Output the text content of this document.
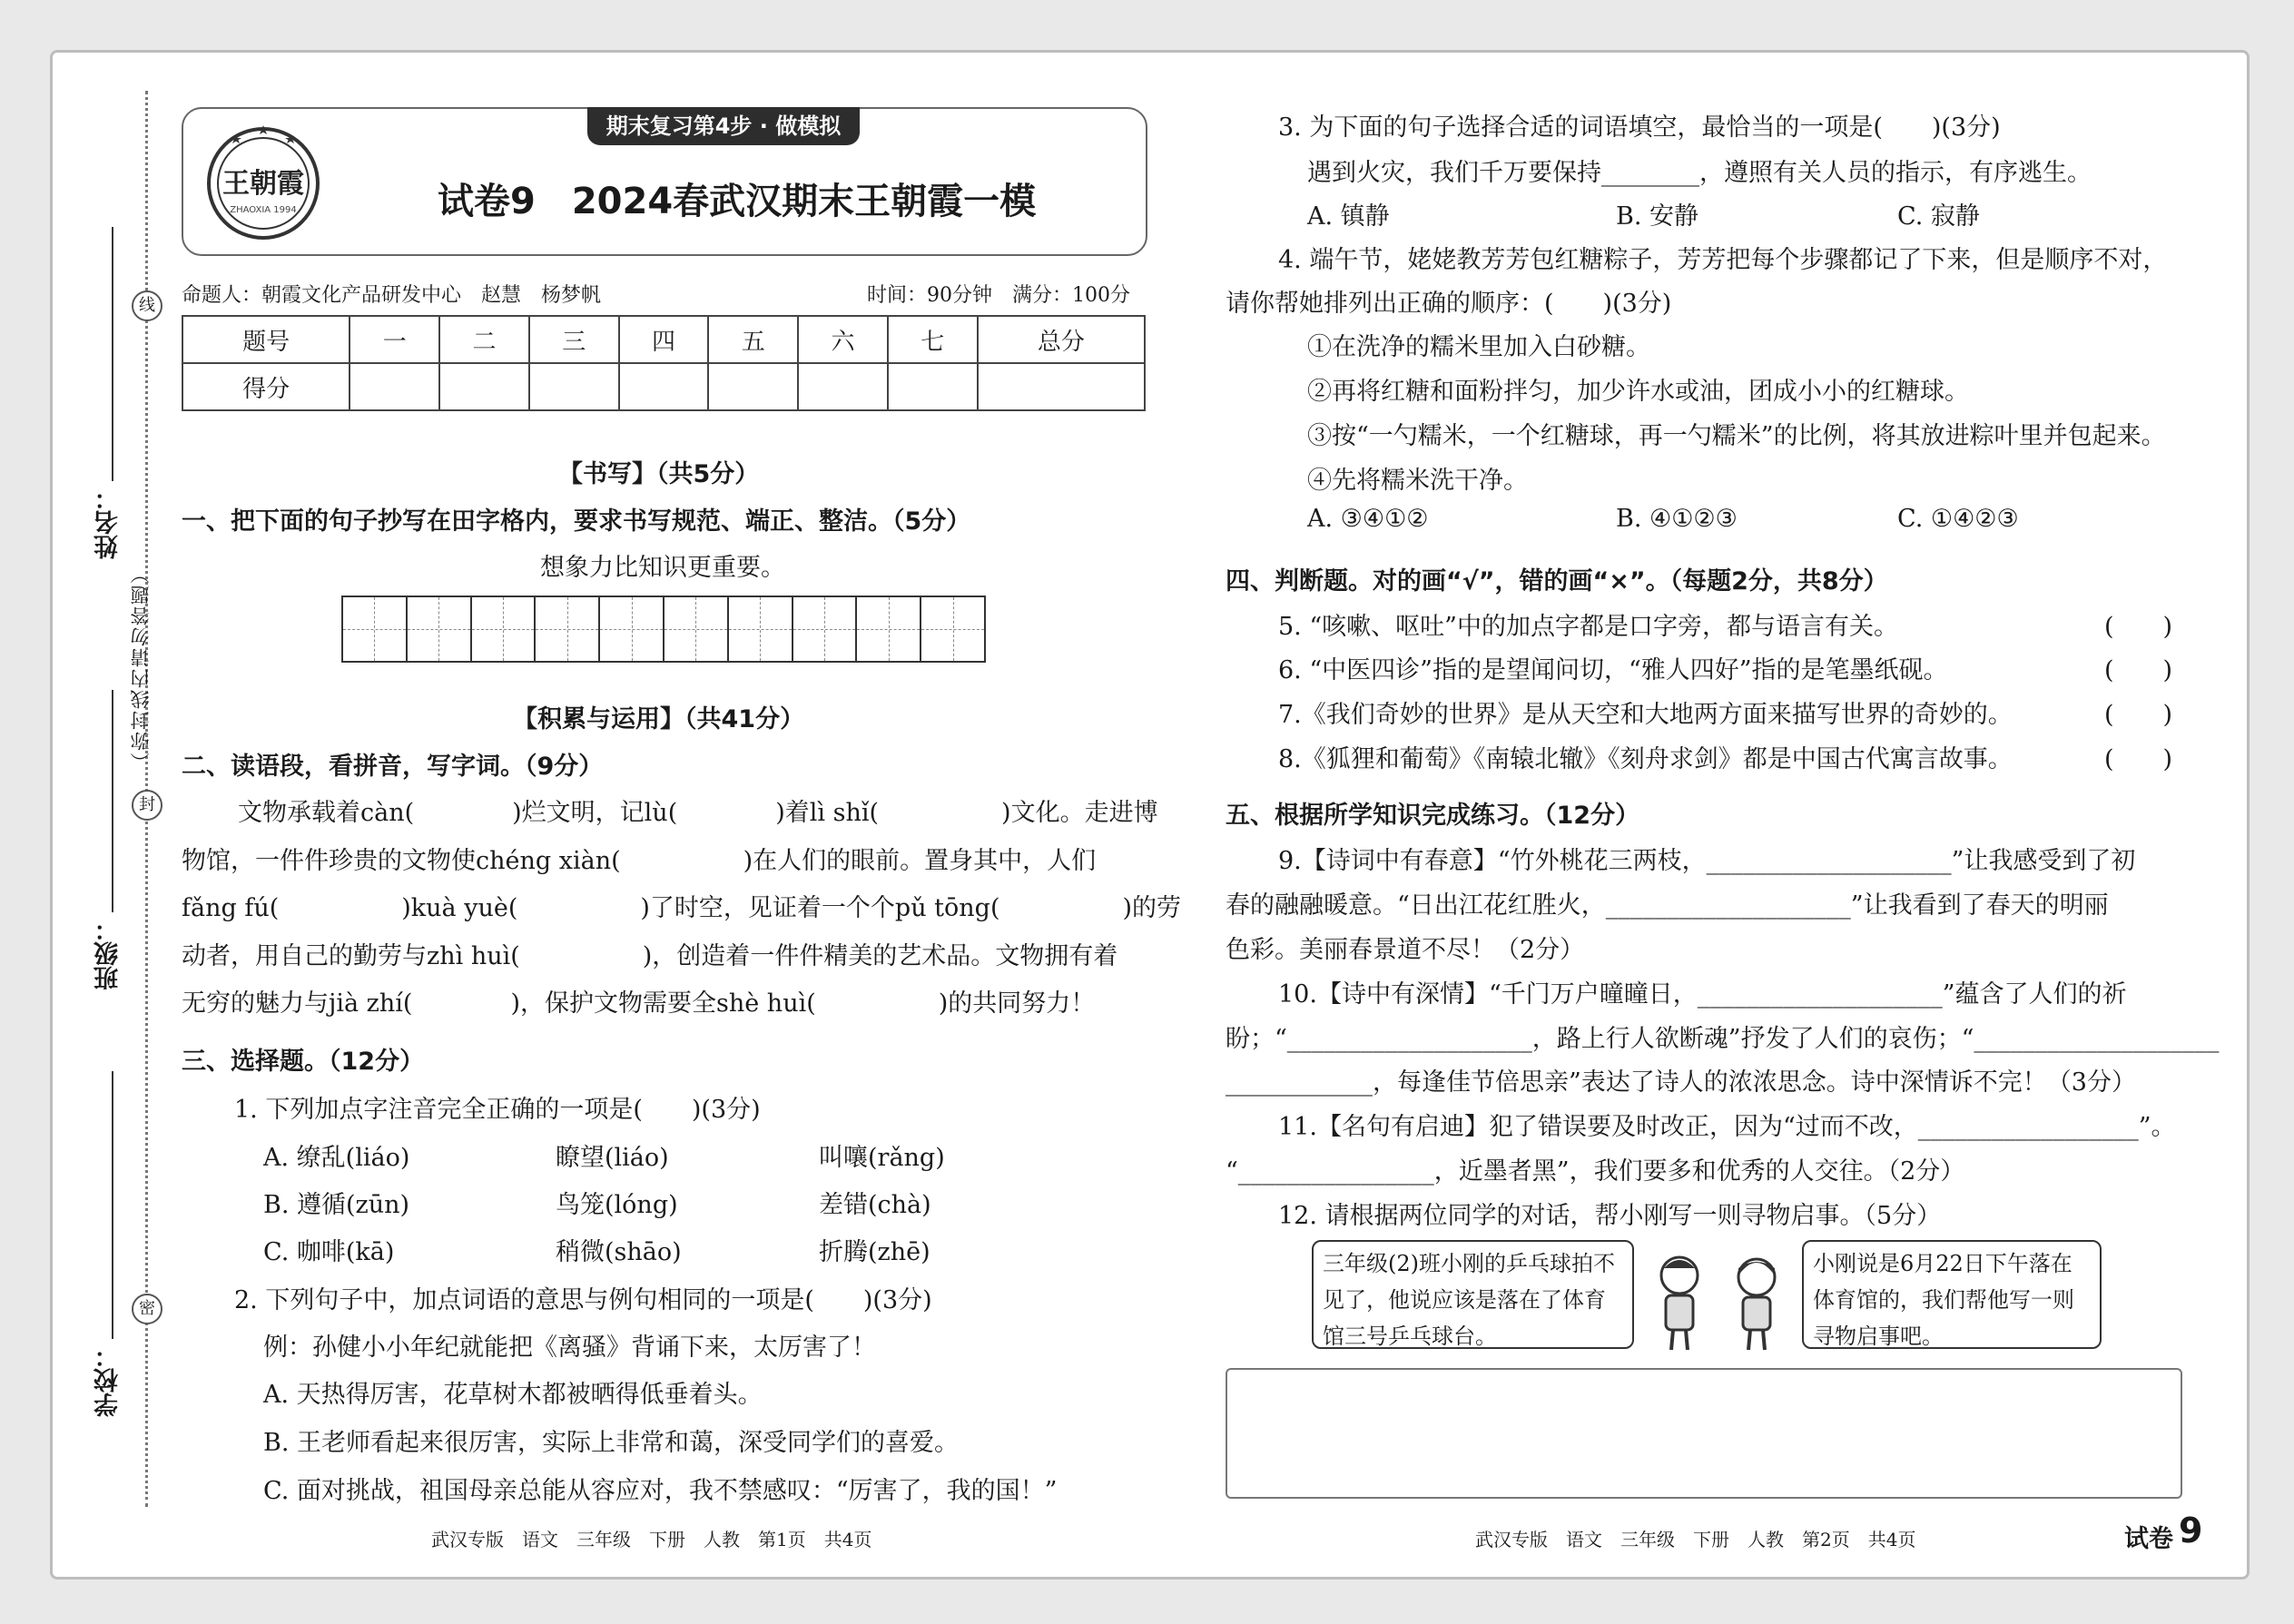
姓名：
班级：
学校：
（弥封线内请勿答题）
线
封
密
期末复习第4步 · 做模拟
王朝霞
ZHAOXIA 1994	试卷9　2024春武汉期末王朝霞一模
命题人：朝霞文化产品研发中心　赵慧　杨梦帆	时间：90分钟　满分：100分
题号	一	二	三	四	五	六	七	总分
得分								
【书写】（共5分）
一、把下面的句子抄写在田字格内，要求书写规范、端正、整洁。（5分）
想象力比知识更重要。
【积累与运用】（共41分）
二、读语段，看拼音，写字词。（9分）
文物承载着càn(　　　　)烂文明，记lù(　　　　)着lì shǐ(　　　　　)文化。走进博
物馆，一件件珍贵的文物使chéng xiàn(　　　　　)在人们的眼前。置身其中，人们
fǎng fú(　　　　　)kuà yuè(　　　　　)了时空，见证着一个个pǔ tōng(　　　　　)的劳
动者，用自己的勤劳与zhì huì(　　　　　)，创造着一件件精美的艺术品。文物拥有着
无穷的魅力与jià zhí(　　　　)，保护文物需要全shè huì(　　　　　)的共同努力！
三、选择题。（12分）
1. 下列加点字注音完全正确的一项是(　　)(3分)
A. 缭乱(liáo)	瞭望(liáo)	叫嚷(rǎng)
B. 遵循(zūn)	鸟笼(lóng)	差错(chà)
C. 咖啡(kā)	稍微(shāo)	折腾(zhē)
2. 下列句子中，加点词语的意思与例句相同的一项是(　　)(3分)
例：孙健小小年纪就能把《离骚》背诵下来，太厉害了！
A. 天热得厉害，花草树木都被晒得低垂着头。
B. 王老师看起来很厉害，实际上非常和蔼，深受同学们的喜爱。
C. 面对挑战，祖国母亲总能从容应对，我不禁感叹：“厉害了，我的国！”
武汉专版　语文　三年级　下册　人教　第1页　共4页
3. 为下面的句子选择合适的词语填空，最恰当的一项是(　　)(3分)
遇到火灾，我们千万要保持________，遵照有关人员的指示，有序逃生。
A. 镇静	B. 安静	C. 寂静
4. 端午节，姥姥教芳芳包红糖粽子，芳芳把每个步骤都记了下来，但是顺序不对，
请你帮她排列出正确的顺序：(　　)(3分)
①在洗净的糯米里加入白砂糖。
②再将红糖和面粉拌匀，加少许水或油，团成小小的红糖球。
③按“一勺糯米，一个红糖球，再一勺糯米”的比例，将其放进粽叶里并包起来。
④先将糯米洗干净。
A. ③④①②	B. ④①②③	C. ①④②③
四、判断题。对的画“√”，错的画“×”。（每题2分，共8分）
5. “咳嗽、呕吐”中的加点字都是口字旁，都与语言有关。	(　　)
6. “中医四诊”指的是望闻问切，“雅人四好”指的是笔墨纸砚。	(　　)
7.《我们奇妙的世界》是从天空和大地两方面来描写世界的奇妙的。	(　　)
8.《狐狸和葡萄》《南辕北辙》《刻舟求剑》都是中国古代寓言故事。	(　　)
五、根据所学知识完成练习。（12分）
9.【诗词中有春意】“竹外桃花三两枝，____________________”让我感受到了初
春的融融暖意。“日出江花红胜火，____________________”让我看到了春天的明丽
色彩。美丽春景道不尽！（2分）
10.【诗中有深情】“千门万户曈曈日，____________________”蕴含了人们的祈
盼；“____________________，路上行人欲断魂”抒发了人们的哀伤；“____________________
____________，每逢佳节倍思亲”表达了诗人的浓浓思念。诗中深情诉不完！（3分）
11.【名句有启迪】犯了错误要及时改正，因为“过而不改，__________________”。
“________________，近墨者黑”，我们要多和优秀的人交往。（2分）
12. 请根据两位同学的对话，帮小刚写一则寻物启事。（5分）
三年级(2)班小刚的乒乓球拍不见了，他说应该是落在了体育馆三号乒乓球台。
小刚说是6月22日下午落在体育馆的，我们帮他写一则寻物启事吧。
武汉专版　语文　三年级　下册　人教　第2页　共4页	试卷 9
